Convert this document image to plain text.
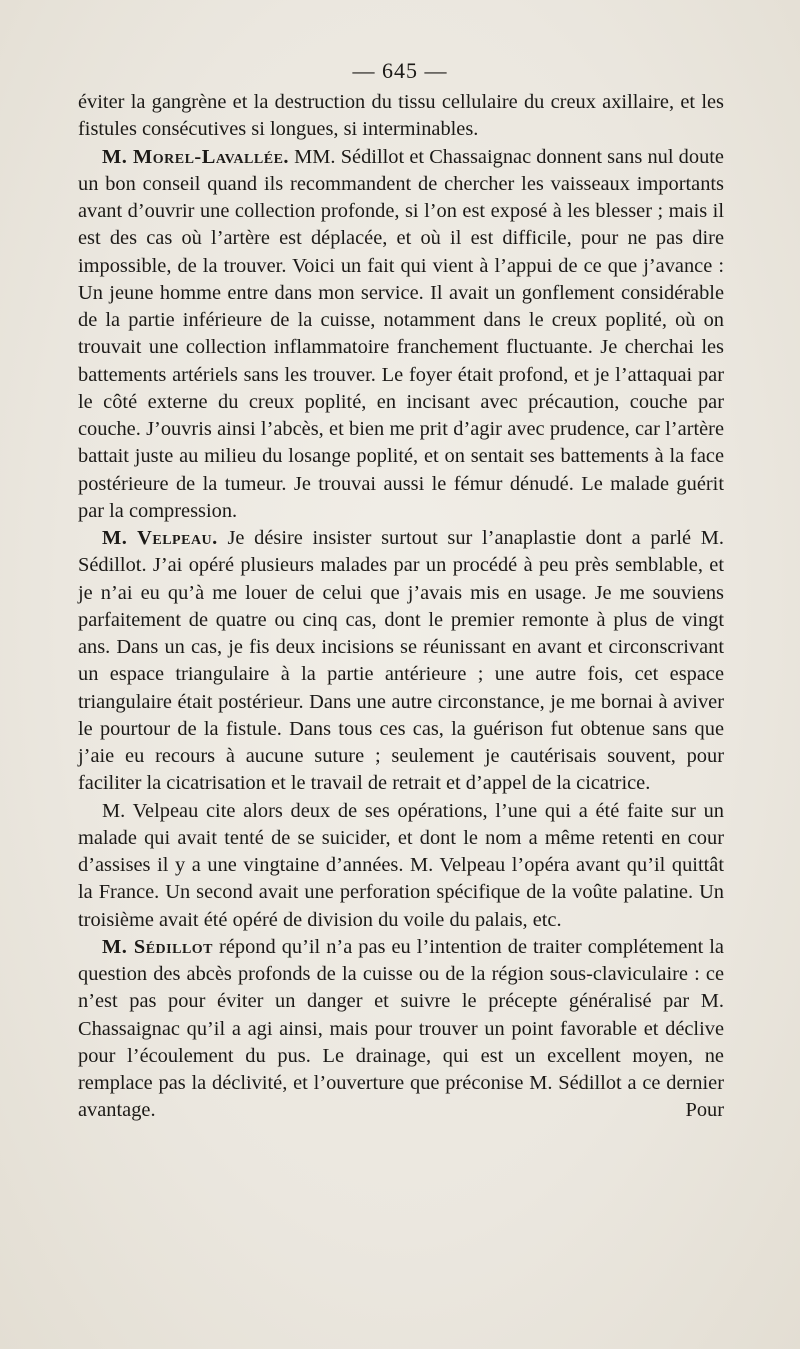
— 645 —

éviter la gangrène et la destruction du tissu cellulaire du creux axillaire, et les fistules consécutives si longues, si interminables.

M. Morel-Lavallée. MM. Sédillot et Chassaignac donnent sans nul doute un bon conseil quand ils recommandent de chercher les vaisseaux importants avant d’ouvrir une collection profonde, si l’on est exposé à les blesser ; mais il est des cas où l’artère est déplacée, et où il est difficile, pour ne pas dire impossible, de la trouver. Voici un fait qui vient à l’appui de ce que j’avance : Un jeune homme entre dans mon service. Il avait un gonflement considérable de la partie inférieure de la cuisse, notamment dans le creux poplité, où on trouvait une collection inflammatoire franchement fluctuante. Je cherchai les battements artériels sans les trouver. Le foyer était profond, et je l’attaquai par le côté externe du creux poplité, en incisant avec précaution, couche par couche. J’ouvris ainsi l’abcès, et bien me prit d’agir avec prudence, car l’artère battait juste au milieu du losange poplité, et on sentait ses battements à la face postérieure de la tumeur. Je trouvai aussi le fémur dénudé. Le malade guérit par la compression.

M. Velpeau. Je désire insister surtout sur l’anaplastie dont a parlé M. Sédillot. J’ai opéré plusieurs malades par un procédé à peu près semblable, et je n’ai eu qu’à me louer de celui que j’avais mis en usage. Je me souviens parfaitement de quatre ou cinq cas, dont le premier remonte à plus de vingt ans. Dans un cas, je fis deux incisions se réunissant en avant et circonscrivant un espace triangulaire à la partie antérieure ; une autre fois, cet espace triangulaire était postérieur. Dans une autre circonstance, je me bornai à aviver le pourtour de la fistule. Dans tous ces cas, la guérison fut obtenue sans que j’aie eu recours à aucune suture ; seulement je cautérisais souvent, pour faciliter la cicatrisation et le travail de retrait et d’appel de la cicatrice.

M. Velpeau cite alors deux de ses opérations, l’une qui a été faite sur un malade qui avait tenté de se suicider, et dont le nom a même retenti en cour d’assises il y a une vingtaine d’années. M. Velpeau l’opéra avant qu’il quittât la France. Un second avait une perforation spécifique de la voûte palatine. Un troisième avait été opéré de division du voile du palais, etc.

M. Sédillot répond qu’il n’a pas eu l’intention de traiter complétement la question des abcès profonds de la cuisse ou de la région sous-claviculaire : ce n’est pas pour éviter un danger et suivre le précepte généralisé par M. Chassaignac qu’il a agi ainsi, mais pour trouver un point favorable et déclive pour l’écoulement du pus. Le drainage, qui est un excellent moyen, ne remplace pas la déclivité, et l’ouverture que préconise M. Sédillot a ce dernier avantage. Pour
